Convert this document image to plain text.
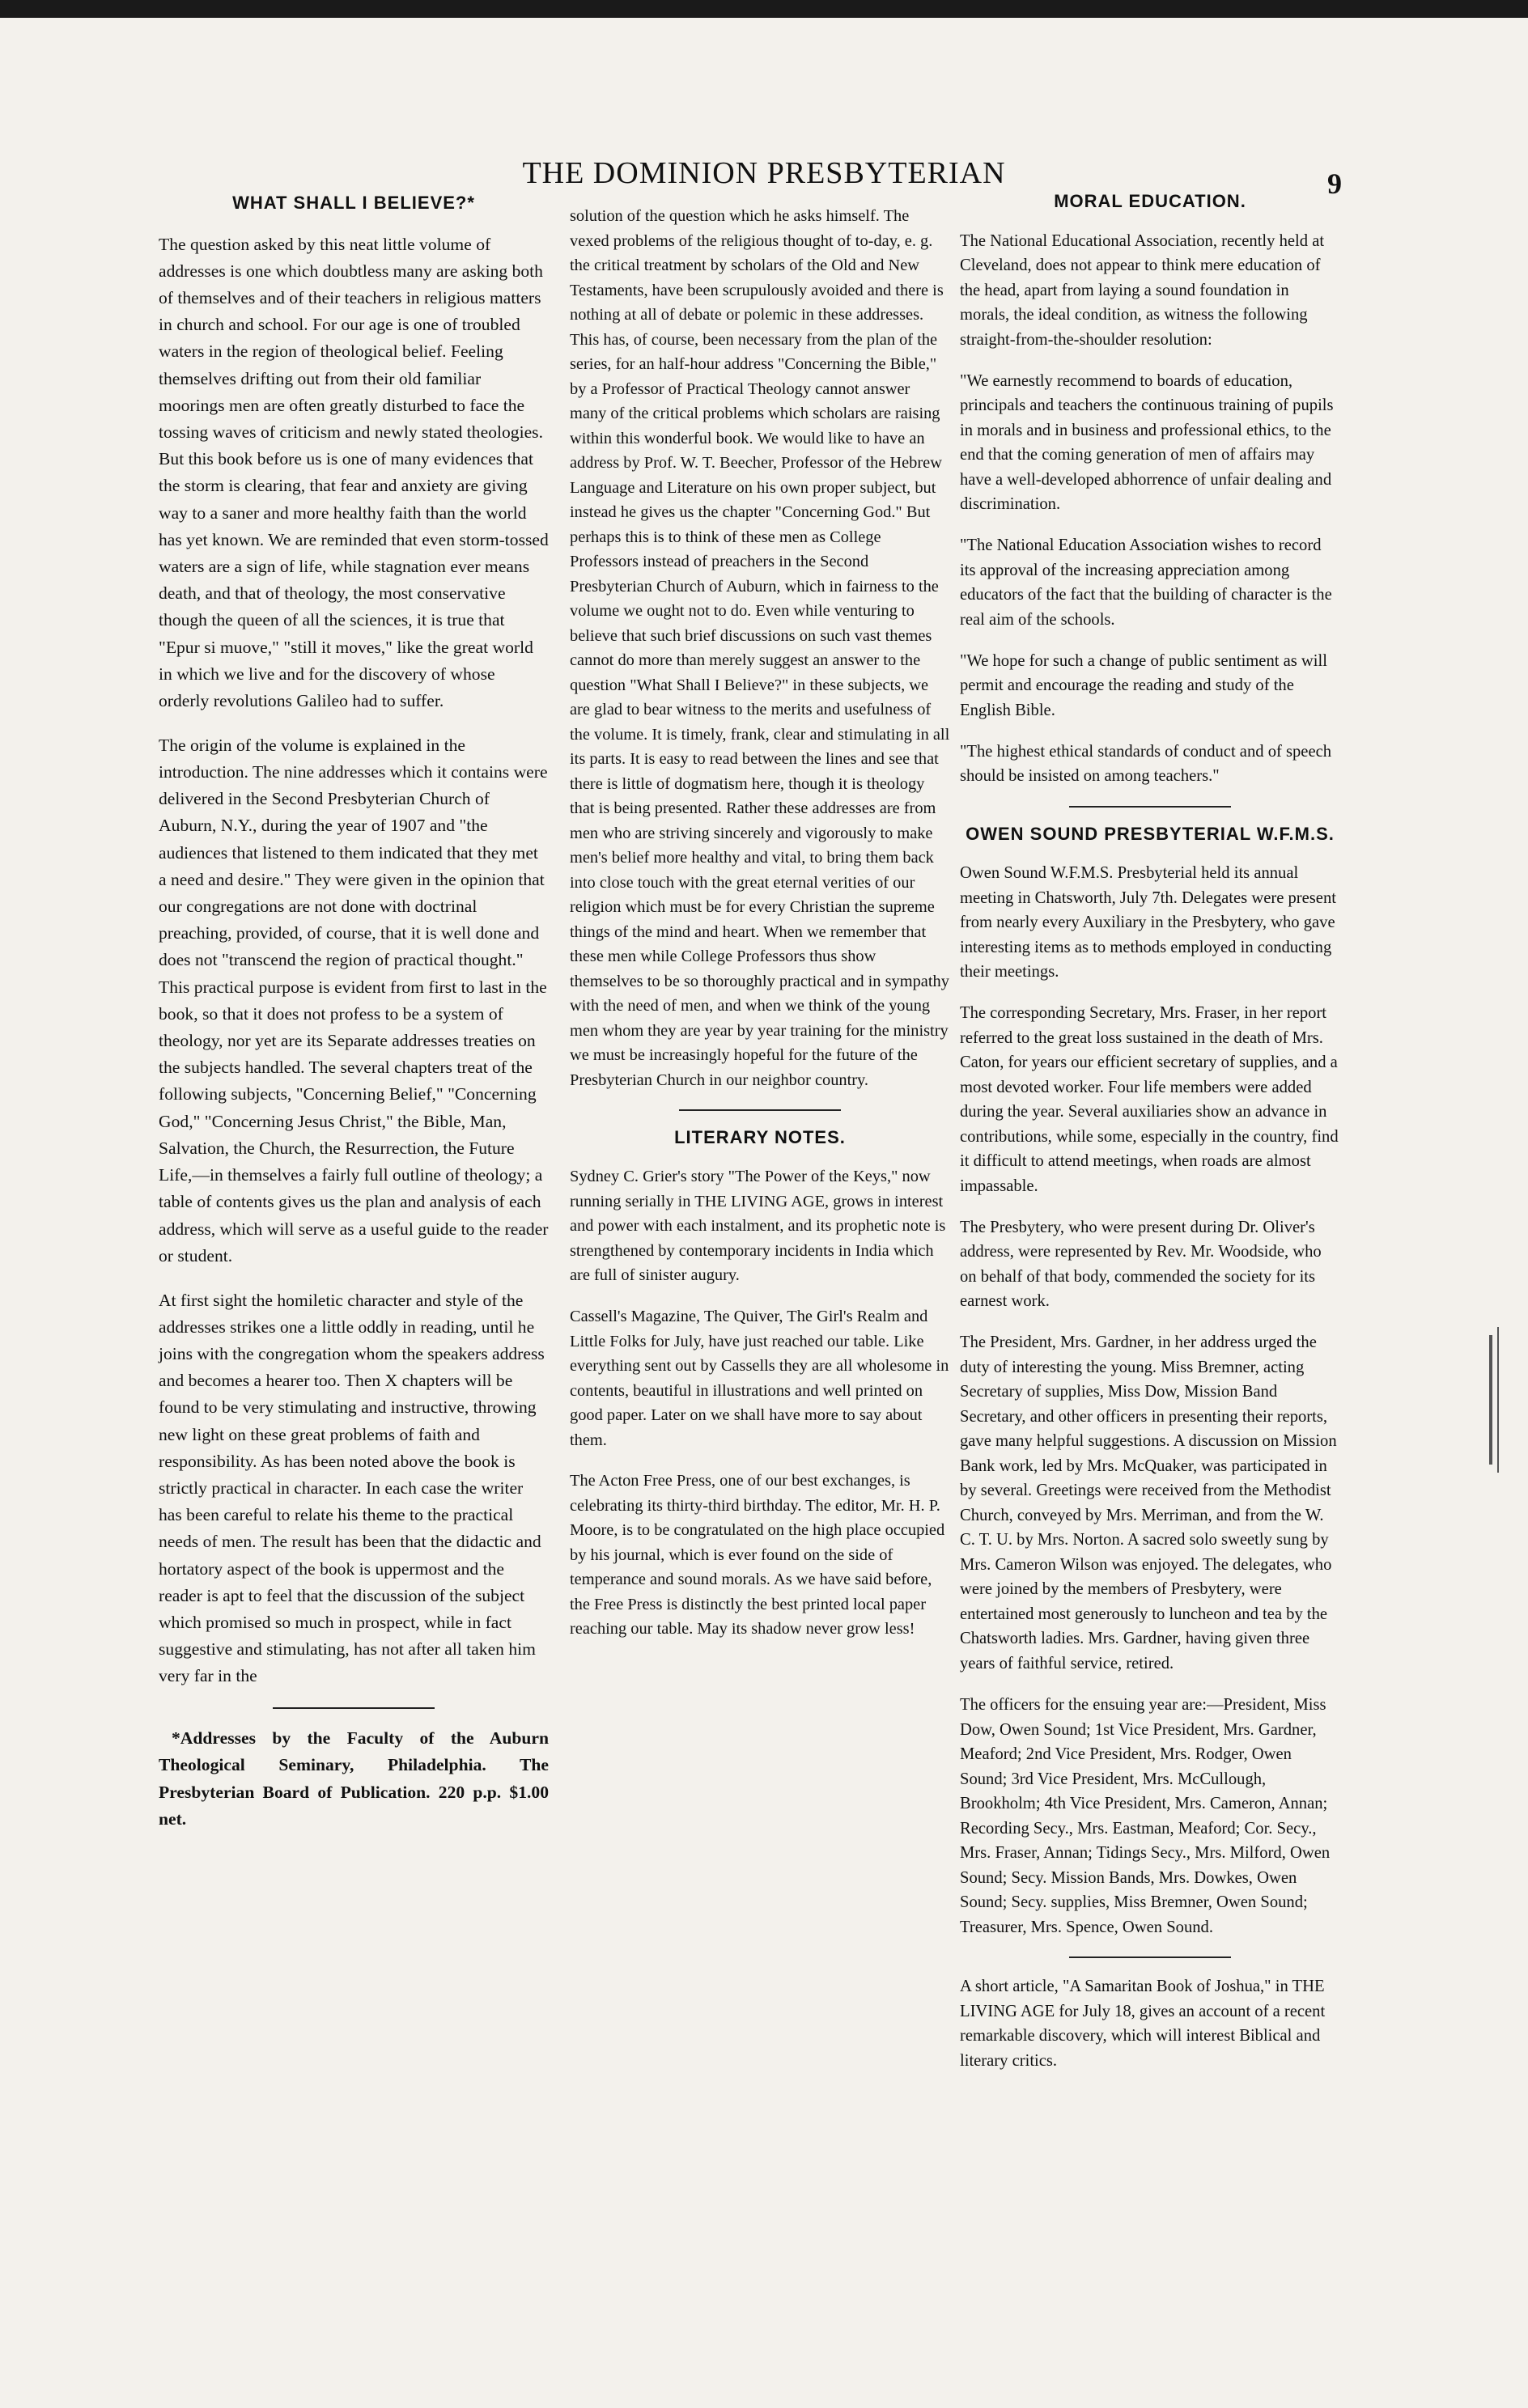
THE DOMINION PRESBYTERIAN	9
WHAT SHALL I BELIEVE?*

The question asked by this neat little volume of addresses is one which doubtless many are asking both of themselves and of their teachers in religious matters in church and school. For our age is one of troubled waters in the region of theological belief. Feeling themselves drifting out from their old familiar moorings men are often greatly disturbed to face the tossing waves of criticism and newly stated theologies. But this book before us is one of many evidences that the storm is clearing, that fear and anxiety are giving way to a saner and more healthy faith than the world has yet known. We are reminded that even storm-tossed waters are a sign of life, while stagnation ever means death, and that of theology, the most conservative though the queen of all the sciences, it is true that "Epur si muove," "still it moves," like the great world in which we live and for the discovery of whose orderly revolutions Galileo had to suffer.

The origin of the volume is explained in the introduction. The nine addresses which it contains were delivered in the Second Presbyterian Church of Auburn, N.Y., during the year of 1907 and "the audiences that listened to them indicated that they met a need and desire." They were given in the opinion that our congregations are not done with doctrinal preaching, provided, of course, that it is well done and does not "transcend the region of practical thought." This practical purpose is evident from first to last in the book, so that it does not profess to be a system of theology, nor yet are its Separate addresses treaties on the subjects handled. The several chapters treat of the following subjects, "Concerning Belief," "Concerning God," "Concerning Jesus Christ," the Bible, Man, Salvation, the Church, the Resurrection, the Future Life,—in themselves a fairly full outline of theology; a table of contents gives us the plan and analysis of each address, which will serve as a useful guide to the reader or student.

At first sight the homiletic character and style of the addresses strikes one a little oddly in reading, until he joins with the congregation whom the speakers address and becomes a hearer too. Then X chapters will be found to be very stimulating and instructive, throwing new light on these great problems of faith and responsibility. As has been noted above the book is strictly practical in character. In each case the writer has been careful to relate his theme to the practical needs of men. The result has been that the didactic and hortatory aspect of the book is uppermost and the reader is apt to feel that the discussion of the subject which promised so much in prospect, while in fact suggestive and stimulating, has not after all taken him very far in the

*Addresses by the Faculty of the Auburn Theological Seminary, Philadelphia. The Presbyterian Board of Publication. 220 p.p. $1.00 net.

solution of the question which he asks himself. The vexed problems of the religious thought of to-day, e. g. the critical treatment by scholars of the Old and New Testaments, have been scrupulously avoided and there is nothing at all of debate or polemic in these addresses. This has, of course, been necessary from the plan of the series, for an half-hour address "Concerning the Bible," by a Professor of Practical Theology cannot answer many of the critical problems which scholars are raising within this wonderful book. We would like to have an address by Prof. W. T. Beecher, Professor of the Hebrew Language and Literature on his own proper subject, but instead he gives us the chapter "Concerning God." But perhaps this is to think of these men as College Professors instead of preachers in the Second Presbyterian Church of Auburn, which in fairness to the volume we ought not to do. Even while venturing to believe that such brief discussions on such vast themes cannot do more than merely suggest an answer to the question "What Shall I Believe?" in these subjects, we are glad to bear witness to the merits and usefulness of the volume. It is timely, frank, clear and stimulating in all its parts. It is easy to read between the lines and see that there is little of dogmatism here, though it is theology that is being presented. Rather these addresses are from men who are striving sincerely and vigorously to make men's belief more healthy and vital, to bring them back into close touch with the great eternal verities of our religion which must be for every Christian the supreme things of the mind and heart. When we remember that these men while College Professors thus show themselves to be so thoroughly practical and in sympathy with the need of men, and when we think of the young men whom they are year by year training for the ministry we must be increasingly hopeful for the future of the Presbyterian Church in our neighbor country.

LITERARY NOTES.

Sydney C. Grier's story "The Power of the Keys," now running serially in THE LIVING AGE, grows in interest and power with each instalment, and its prophetic note is strengthened by contemporary incidents in India which are full of sinister augury.

Cassell's Magazine, The Quiver, The Girl's Realm and Little Folks for July, have just reached our table. Like everything sent out by Cassells they are all wholesome in contents, beautiful in illustrations and well printed on good paper. Later on we shall have more to say about them.

The Acton Free Press, one of our best exchanges, is celebrating its thirty-third birthday. The editor, Mr. H. P. Moore, is to be congratulated on the high place occupied by his journal, which is ever found on the side of temperance and sound morals. As we have said before, the Free Press is distinctly the best printed local paper reaching our table. May its shadow never grow less!

MORAL EDUCATION.

The National Educational Association, recently held at Cleveland, does not appear to think mere education of the head, apart from laying a sound foundation in morals, the ideal condition, as witness the following straight-from-the-shoulder resolution:

"We earnestly recommend to boards of education, principals and teachers the continuous training of pupils in morals and in business and professional ethics, to the end that the coming generation of men of affairs may have a well-developed abhorrence of unfair dealing and discrimination.

"The National Education Association wishes to record its approval of the increasing appreciation among educators of the fact that the building of character is the real aim of the schools.

"We hope for such a change of public sentiment as will permit and encourage the reading and study of the English Bible.

"The highest ethical standards of conduct and of speech should be insisted on among teachers."

OWEN SOUND PRESBYTERIAL W.F.M.S.

Owen Sound W.F.M.S. Presbyterial held its annual meeting in Chatsworth, July 7th. Delegates were present from nearly every Auxiliary in the Presbytery, who gave interesting items as to methods employed in conducting their meetings.

The corresponding Secretary, Mrs. Fraser, in her report referred to the great loss sustained in the death of Mrs. Caton, for years our efficient secretary of supplies, and a most devoted worker. Four life members were added during the year. Several auxiliaries show an advance in contributions, while some, especially in the country, find it difficult to attend meetings, when roads are almost impassable.

The Presbytery, who were present during Dr. Oliver's address, were represented by Rev. Mr. Woodside, who on behalf of that body, commended the society for its earnest work.

The President, Mrs. Gardner, in her address urged the duty of interesting the young. Miss Bremner, acting Secretary of supplies, Miss Dow, Mission Band Secretary, and other officers in presenting their reports, gave many helpful suggestions. A discussion on Mission Bank work, led by Mrs. McQuaker, was participated in by several. Greetings were received from the Methodist Church, conveyed by Mrs. Merriman, and from the W. C. T. U. by Mrs. Norton. A sacred solo sweetly sung by Mrs. Cameron Wilson was enjoyed. The delegates, who were joined by the members of Presbytery, were entertained most generously to luncheon and tea by the Chatsworth ladies. Mrs. Gardner, having given three years of faithful service, retired.

The officers for the ensuing year are:—President, Miss Dow, Owen Sound; 1st Vice President, Mrs. Gardner, Meaford; 2nd Vice President, Mrs. Rodger, Owen Sound; 3rd Vice President, Mrs. McCullough, Brookholm; 4th Vice President, Mrs. Cameron, Annan; Recording Secy., Mrs. Eastman, Meaford; Cor. Secy., Mrs. Fraser, Annan; Tidings Secy., Mrs. Milford, Owen Sound; Secy. Mission Bands, Mrs. Dowkes, Owen Sound; Secy. supplies, Miss Bremner, Owen Sound; Treasurer, Mrs. Spence, Owen Sound.

A short article, "A Samaritan Book of Joshua," in THE LIVING AGE for July 18, gives an account of a recent remarkable discovery, which will interest Biblical and literary critics.
